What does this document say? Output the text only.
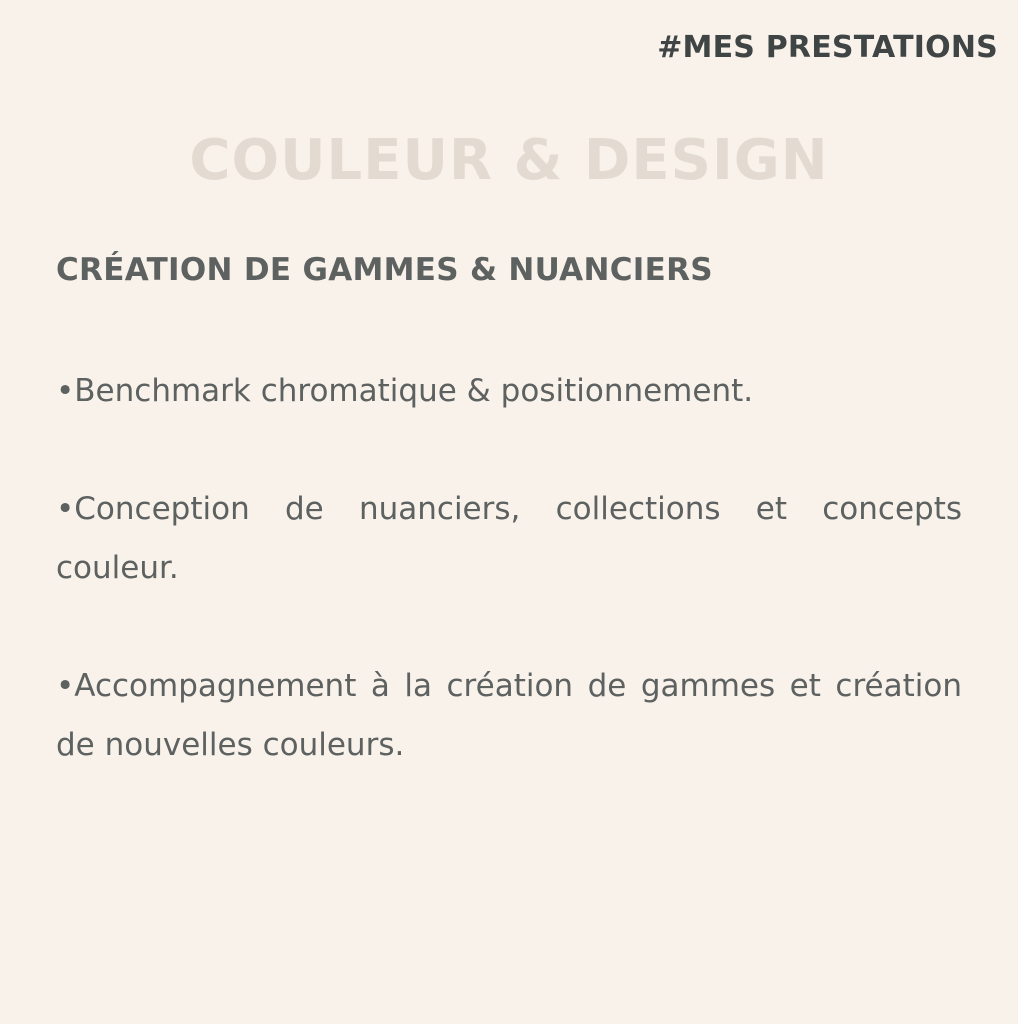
#MES PRESTATIONS
COULEUR & DESIGN
CRÉATION DE GAMMES & NUANCIERS
•Benchmark chromatique & positionnement.
•Conception de nuanciers, collections et concepts couleur.
•Accompagnement à la création de gammes et création de nouvelles couleurs.
